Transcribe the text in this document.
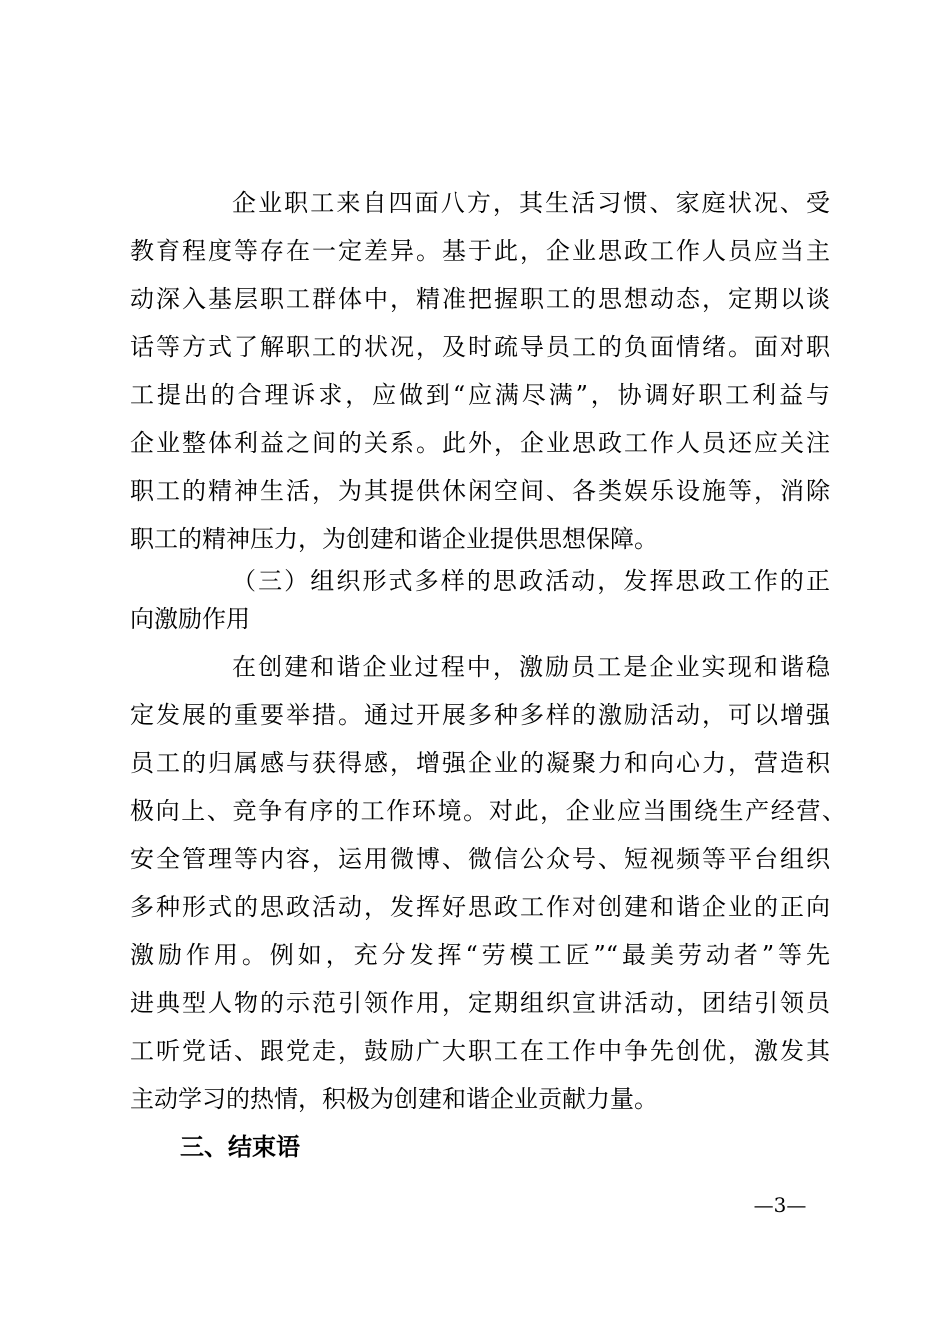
企业职工来自四面八方，其生活习惯、家庭状况、受
教育程度等存在一定差异。基于此，企业思政工作人员应当主
动深入基层职工群体中，精准把握职工的思想动态，定期以谈
话等方式了解职工的状况，及时疏导员工的负面情绪。面对职
工提出的合理诉求，应做到“应满尽满”，协调好职工利益与
企业整体利益之间的关系。此外，企业思政工作人员还应关注
职工的精神生活，为其提供休闲空间、各类娱乐设施等，消除
职工的精神压力，为创建和谐企业提供思想保障。
（三）组织形式多样的思政活动，发挥思政工作的正
向激励作用
在创建和谐企业过程中，激励员工是企业实现和谐稳
定发展的重要举措。通过开展多种多样的激励活动，可以增强
员工的归属感与获得感，增强企业的凝聚力和向心力，营造积
极向上、竞争有序的工作环境。对此，企业应当围绕生产经营、
安全管理等内容，运用微博、微信公众号、短视频等平台组织
多种形式的思政活动，发挥好思政工作对创建和谐企业的正向
激励作用。例如，充分发挥“劳模工匠”“最美劳动者”等先
进典型人物的示范引领作用，定期组织宣讲活动，团结引领员
工听党话、跟党走，鼓励广大职工在工作中争先创优，激发其
主动学习的热情，积极为创建和谐企业贡献力量。
三、结束语
—3—
